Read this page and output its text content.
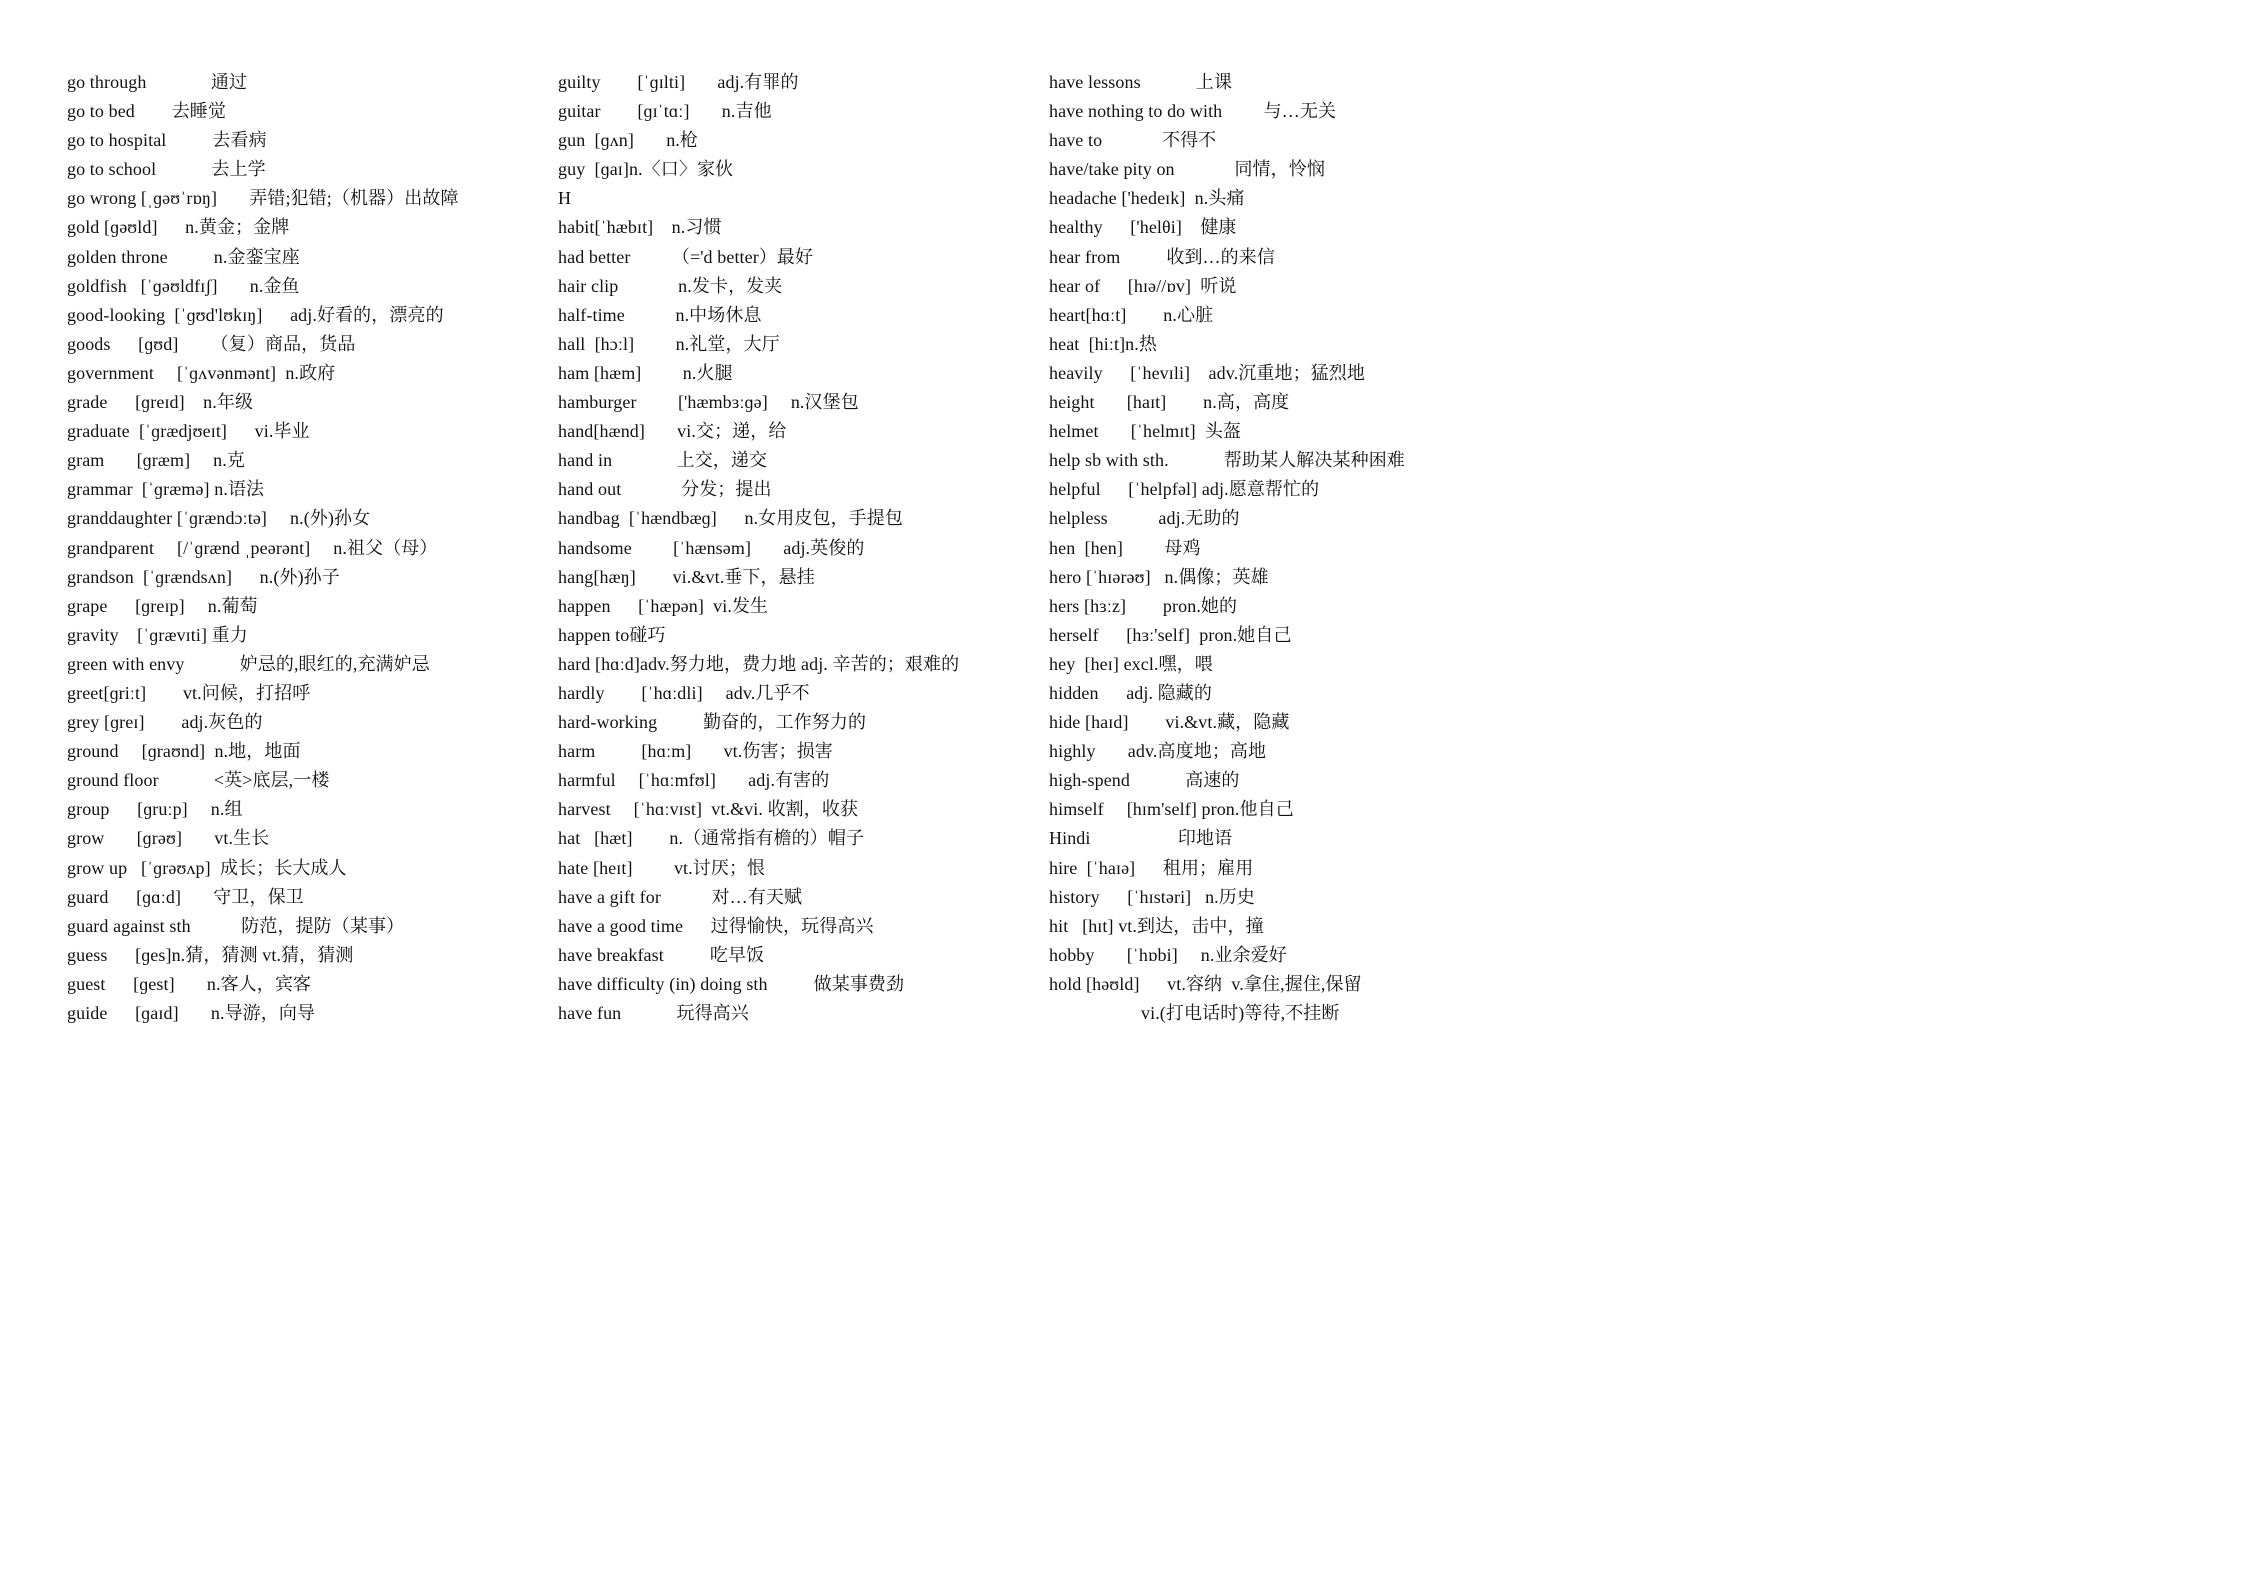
go through              通过
go to bed        去睡觉
go to hospital          去看病
go to school            去上学
go wrong [ˌɡəʊˈrɒŋ]       弄错;犯错;（机器）出故障
gold [ɡəʊld]      n.黄金；金牌
golden throne          n.金銮宝座
goldfish   [ˈɡəʊldfɪʃ]       n.金鱼
good-looking  [ˈɡʊd'lʊkɪŋ]      adj.好看的，漂亮的
goods      [ɡʊd]       （复）商品，货品
government     [ˈɡʌvənmənt]  n.政府
grade      [ɡreɪd]    n.年级
graduate  [ˈɡrædjʊeɪt]      vi.毕业
gram       [ɡræm]     n.克
grammar  [ˈɡræmə] n.语法
granddaughter [ˈɡrændɔːtə]     n.(外)孙女
grandparent     [/ˈɡrænd ˌpeərənt]     n.祖父（母）
grandson  [ˈɡrændsʌn]      n.(外)孙子
grape      [ɡreɪp]     n.葡萄
gravity    [ˈɡrævɪti] 重力
green with envy            妒忌的,眼红的,充满妒忌
greet[ɡriːt]        vt.问候，打招呼
grey [ɡreɪ]        adj.灰色的
ground     [ɡraʊnd]  n.地，地面
ground floor            <英>底层,一楼
group      [ɡruːp]     n.组
grow       [ɡrəʊ]       vt.生长
grow up   [ˈɡrəʊʌp]  成长；长大成人
guard      [ɡɑːd]       守卫，保卫
guard against sth           防范，提防（某事）
guess      [ɡes]n.猜，猜测 vt.猜，猜测
guest      [ɡest]       n.客人，宾客
guide      [ɡaɪd]       n.导游，向导
guilty        [ˈɡɪlti]       adj.有罪的
guitar        [ɡɪˈtɑː]       n.吉他
gun  [ɡʌn]       n.枪
guy  [ɡaɪ]n.〈口〉家伙
H
habit[ˈhæbɪt]    n.习惯
had better         （='d better）最好
hair clip             n.发卡，发夹
half-time           n.中场休息
hall  [hɔːl]         n.礼堂，大厅
ham [hæm]         n.火腿
hamburger         ['hæmbɜːɡə]     n.汉堡包
hand[hænd]       vi.交；递，给
hand in              上交，递交
hand out             分发；提出
handbag  [ˈhændbæɡ]      n.女用皮包，手提包
handsome         [ˈhænsəm]       adj.英俊的
hang[hæŋ]        vi.&vt.垂下，悬挂
happen      [ˈhæpən]  vi.发生
happen to碰巧
hard [hɑːd]adv.努力地，费力地 adj. 辛苦的；艰难的
hardly        [ˈhɑːdli]     adv.几乎不
hard-working          勤奋的，工作努力的
harm          [hɑːm]       vt.伤害；损害
harmful     [ˈhɑːmfʊl]       adj.有害的
harvest     [ˈhɑːvɪst]  vt.&vi. 收割，收获
hat   [hæt]        n.（通常指有檐的）帽子
hate [heɪt]         vt.讨厌；恨
have a gift for           对…有天赋
have a good time      过得愉快，玩得高兴
have breakfast          吃早饭
have difficulty (in) doing sth          做某事费劲
have fun            玩得高兴
have lessons            上课
have nothing to do with         与…无关
have to             不得不
have/take pity on             同情，怜悯
headache ['hedeɪk]  n.头痛
healthy      ['helθi]    健康
hear from          收到…的来信
hear of      [hɪə//ɒv]  听说
heart[hɑːt]        n.心脏
heat  [hiːt]n.热
heavily      [ˈhevɪli]    adv.沉重地；猛烈地
height       [haɪt]        n.高，高度
helmet       [ˈhelmɪt]  头盔
help sb with sth.            帮助某人解决某种困难
helpful      [ˈhelpfəl] adj.愿意帮忙的
helpless           adj.无助的
hen  [hen]         母鸡
hero [ˈhɪərəʊ]   n.偶像；英雄
hers [hɜːz]        pron.她的
herself      [hɜː'self]  pron.她自己
hey  [heɪ] excl.嘿，喂
hidden      adj. 隐藏的
hide [haɪd]        vi.&vt.藏，隐藏
highly       adv.高度地；高地
high-spend            高速的
himself     [hɪm'self] pron.他自己
Hindi                   印地语
hire  [ˈhaɪə]      租用；雇用
history      [ˈhɪstəri]   n.历史
hit   [hɪt] vt.到达，击中，撞
hobby       [ˈhɒbi]     n.业余爱好
hold [həʊld]      vt.容纳  v.拿住,握住,保留
vi.(打电话时)等待,不挂断
